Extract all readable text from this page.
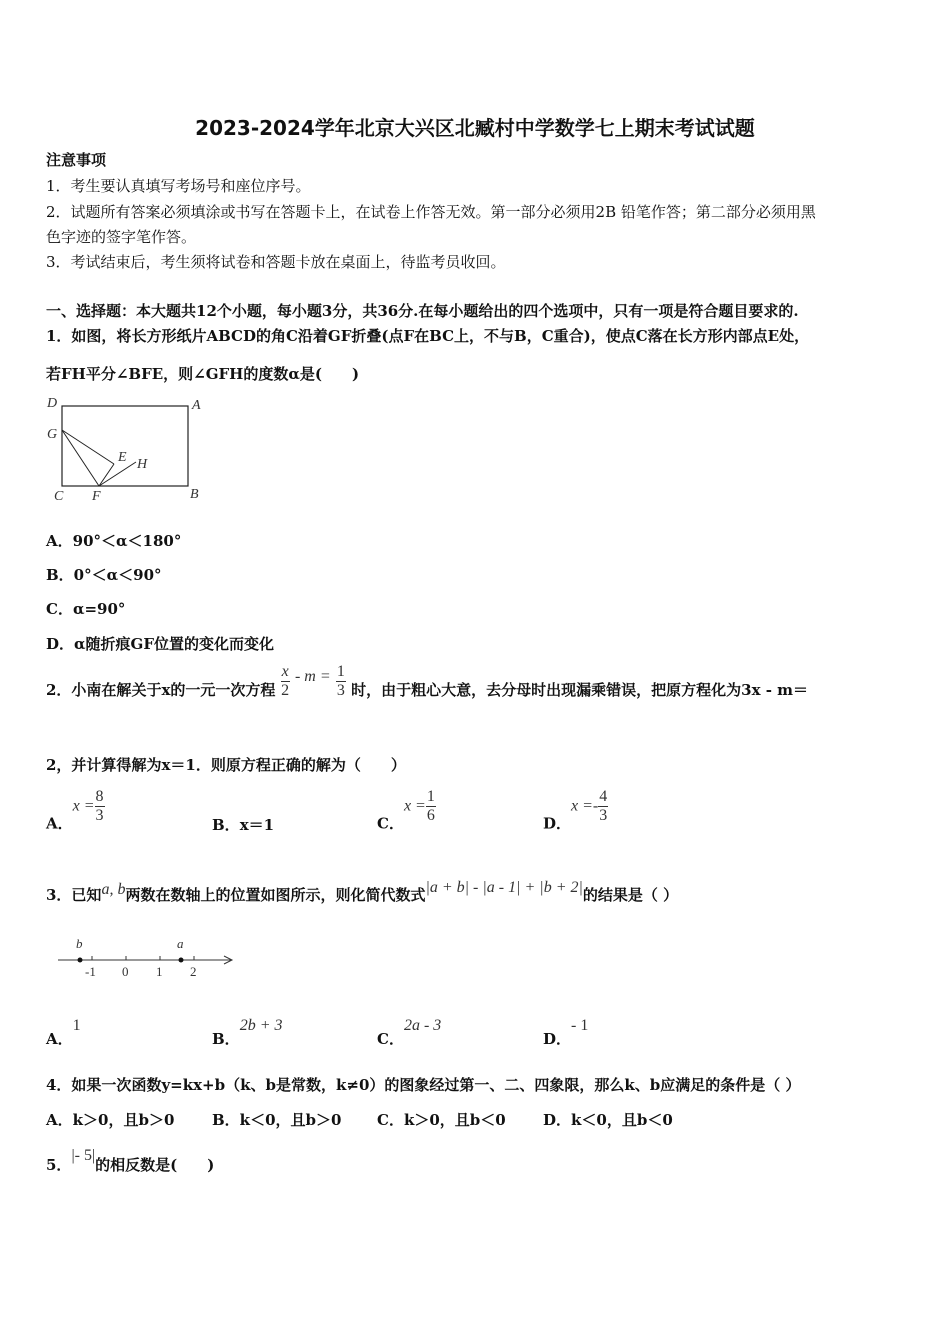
2023-2024学年北京大兴区北臧村中学数学七上期末考试试题
注意事项
1．考生要认真填写考场号和座位序号。
2．试题所有答案必须填涂或书写在答题卡上，在试卷上作答无效。第一部分必须用2B 铅笔作答；第二部分必须用黑
色字迹的签字笔作答。
3．考试结束后，考生须将试卷和答题卡放在桌面上，待监考员收回。
一、选择题：本大题共12个小题，每小题3分，共36分.在每小题给出的四个选项中，只有一项是符合题目要求的.
1．如图，将长方形纸片ABCD的角C沿着GF折叠(点F在BC上，不与B，C重合)，使点C落在长方形内部点E处，
若FH平分∠BFE，则∠GFH的度数α是(　　)
D	A
G
E H
C F	B
A．90°＜α＜180°
B．0°＜α＜90°
C．α=90°
D．α随折痕GF位置的变化而变化
2．小南在解关于x的一元一次方程 $\frac{x}{2} - m = \frac{1}{3}$ 时，由于粗心大意，去分母时出现漏乘错误，把原方程化为3x - m＝
2，并计算得解为x＝1．则原方程正确的解为（　　）
A．$x = \frac{8}{3}$	B．x＝1	C．$x = \frac{1}{6}$	D．$x =- \frac{4}{3}$
3．已知a, b两数在数轴上的位置如图所示，则化简代数式|a + b| - |a - 1| + |b + 2|的结果是（ ）
b	a
-1 0 1 2
A．1
B．2b + 3
C．2a - 3
D．- 1
4．如果一次函数y=kx+b（k、b是常数，k≠0）的图象经过第一、二、四象限，那么k、b应满足的条件是（ ）
A．k＞0，且b＞0	B．k＜0，且b＞0 C．k＞0，且b＜0 D．k＜0，且b＜0
5．|- 5|的相反数是(　　)
